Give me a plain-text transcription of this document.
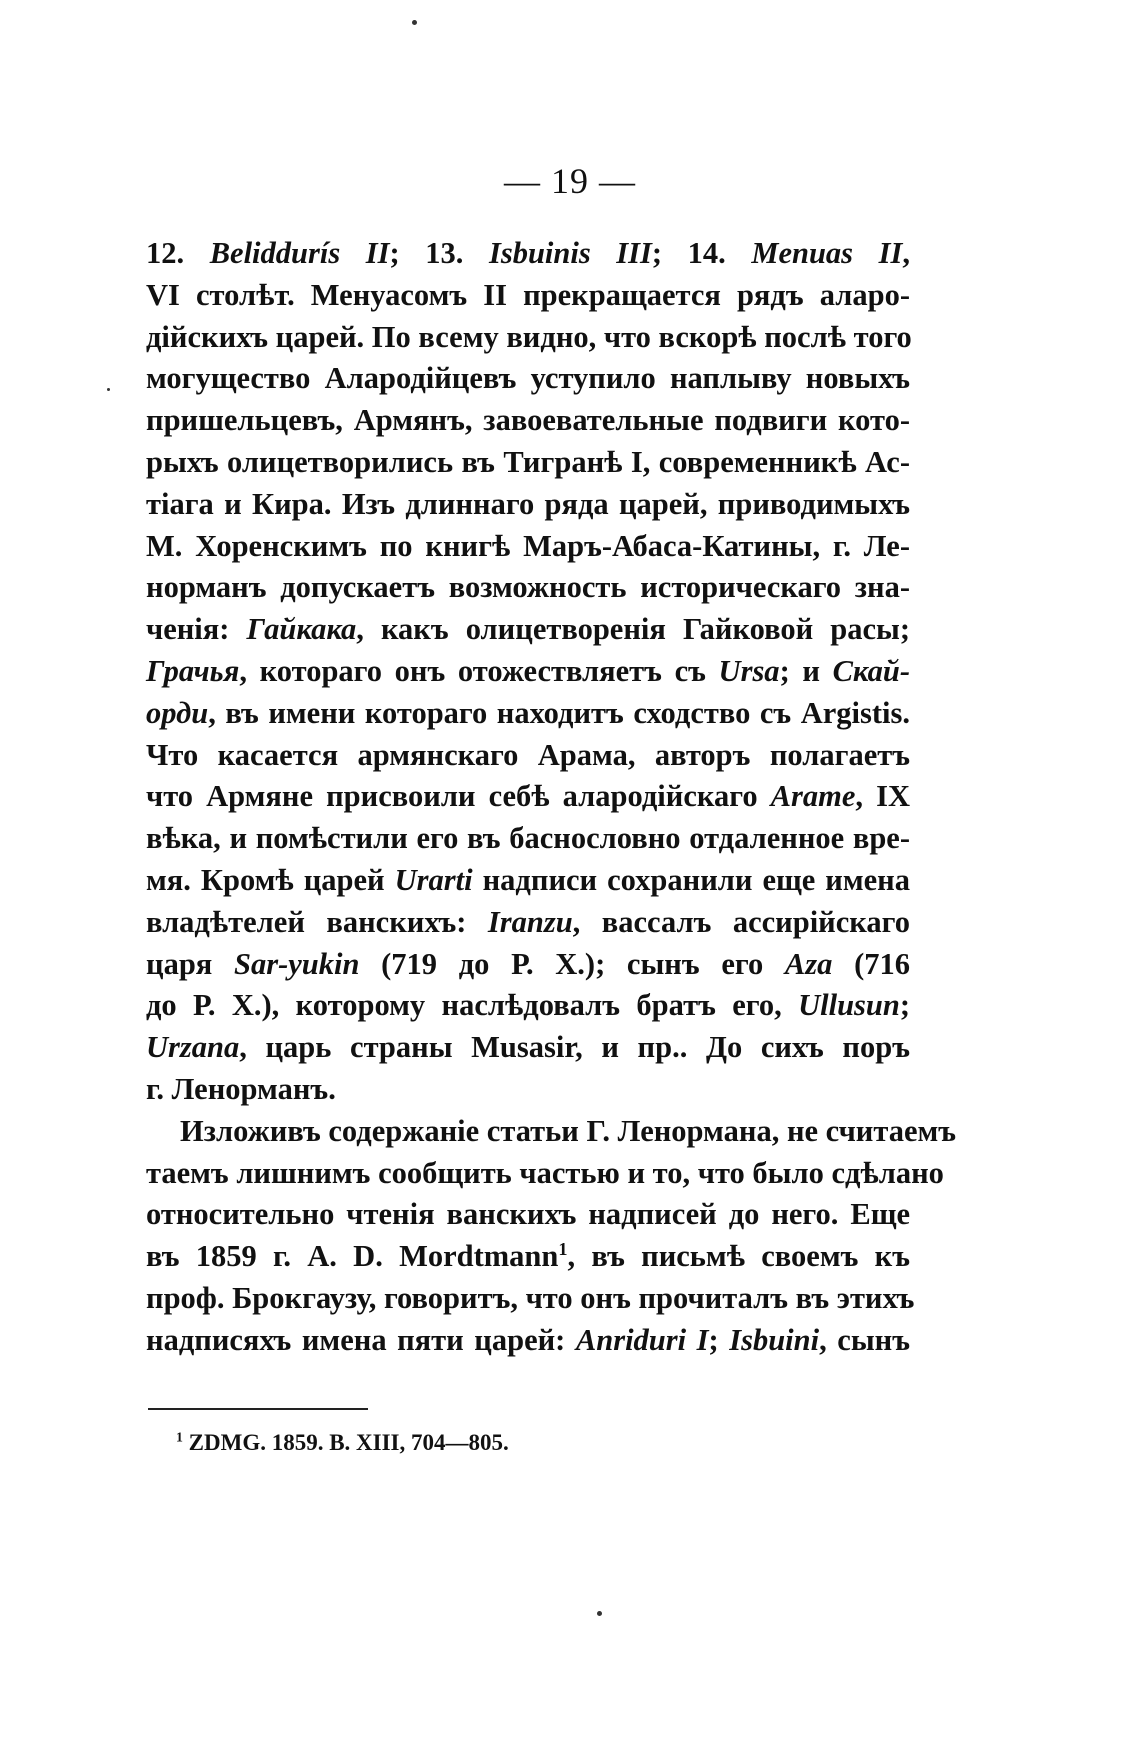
— 19 —
12. Beliddurís II; 13. Isbuinis III; 14. Menuas II,
VI столѣт. Менуасомъ II прекращается рядъ аларо-
дійскихъ царей. По всему видно, что вскорѣ послѣ того
могущество Алародійцевъ уступило наплыву новыхъ
пришельцевъ, Армянъ, завоевательные подвиги кото-
рыхъ олицетворились въ Тигранѣ I, современникѣ Ас-
тіага и Кира. Изъ длиннаго ряда царей, приводимыхъ
М. Хоренскимъ по книгѣ Маръ-Абаса-Катины, г. Ле-
норманъ допускаетъ возможность историческаго зна-
ченія: Гайкака, какъ олицетворенія Гайковой расы;
Грачья, котораго онъ отожествляетъ съ Ursa; и Скай-
орди, въ имени котораго находитъ сходство съ Argistis.
Что касается армянскаго Арама, авторъ полагаетъ
что Армяне присвоили себѣ алародійскаго Arame, IX
вѣка, и помѣстили его въ баснословно отдаленное вре-
мя. Кромѣ царей Urarti надписи сохранили еще имена
владѣтелей ванскихъ: Iranzu, вассалъ ассирійскаго
царя Sar-yukin (719 до Р. Х.); сынъ его Aza (716
до Р. Х.), которому наслѣдовалъ братъ его, Ullusun;
Urzana, царь страны Musasir, и пр.. До сихъ поръ
г. Ленорманъ.
Изложивъ содержаніе статьи Г. Ленормана, не считаемъ
таемъ лишнимъ сообщить частью и то, что было сдѣлано
относительно чтенія ванскихъ надписей до него. Еще
въ 1859 г. А. D. Mordtmann$^1$, въ письмѣ своемъ къ
проф. Брокгаузу, говоритъ, что онъ прочиталъ въ этихъ
надписяхъ имена пяти царей: Anriduri I; Isbuini, сынъ
$^1$ ZDMG. 1859. B. XIII, 704—805.
